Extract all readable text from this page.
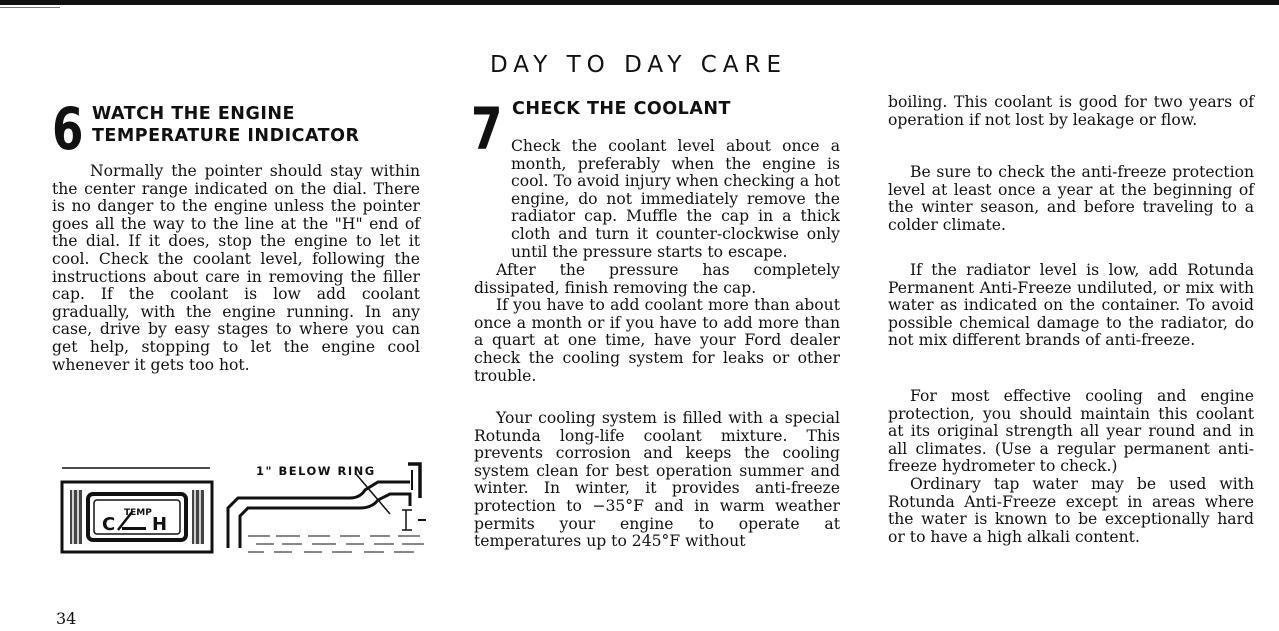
DAY TO DAY CARE
6 WATCH THE ENGINE
TEMPERATURE INDICATOR

Normally the pointer should stay within the center range indicated on the dial. There is no danger to the engine unless the pointer goes all the way to the line at the "H" end of the dial. If it does, stop the engine to let it cool. Check the coolant level, following the instructions about care in removing the filler cap. If the coolant is low add coolant gradually, with the engine running. In any case, drive by easy stages to where you can get help, stopping to let the engine cool whenever it gets too hot.

1" BELOW RING
C
TEMP
H
7 CHECK THE COOLANT

Check the coolant level about once a month, preferably when the engine is cool. To avoid injury when checking a hot engine, do not immediately remove the radiator cap. Muffle the cap in a thick cloth and turn it counter-clockwise only until the pressure starts to escape.

After the pressure has completely dissipated, finish removing the cap.

If you have to add coolant more than about once a month or if you have to add more than a quart at one time, have your Ford dealer check the cooling system for leaks or other trouble.

Your cooling system is filled with a special Rotunda long-life coolant mixture. This prevents corrosion and keeps the cooling system clean for best operation summer and winter. In winter, it provides anti-freeze protection to −35°F and in warm weather permits your engine to operate at temperatures up to 245°F without

boiling. This coolant is good for two years of operation if not lost by leakage or flow.

Be sure to check the anti-freeze protection level at least once a year at the beginning of the winter season, and before traveling to a colder climate.

If the radiator level is low, add Rotunda Permanent Anti-Freeze undiluted, or mix with water as indicated on the container. To avoid possible chemical damage to the radiator, do not mix different brands of anti-freeze.

For most effective cooling and engine protection, you should maintain this coolant at its original strength all year round and in all climates. (Use a regular permanent anti-freeze hydrometer to check.)

Ordinary tap water may be used with Rotunda Anti-Freeze except in areas where the water is known to be exceptionally hard or to have a high alkali content.

34
